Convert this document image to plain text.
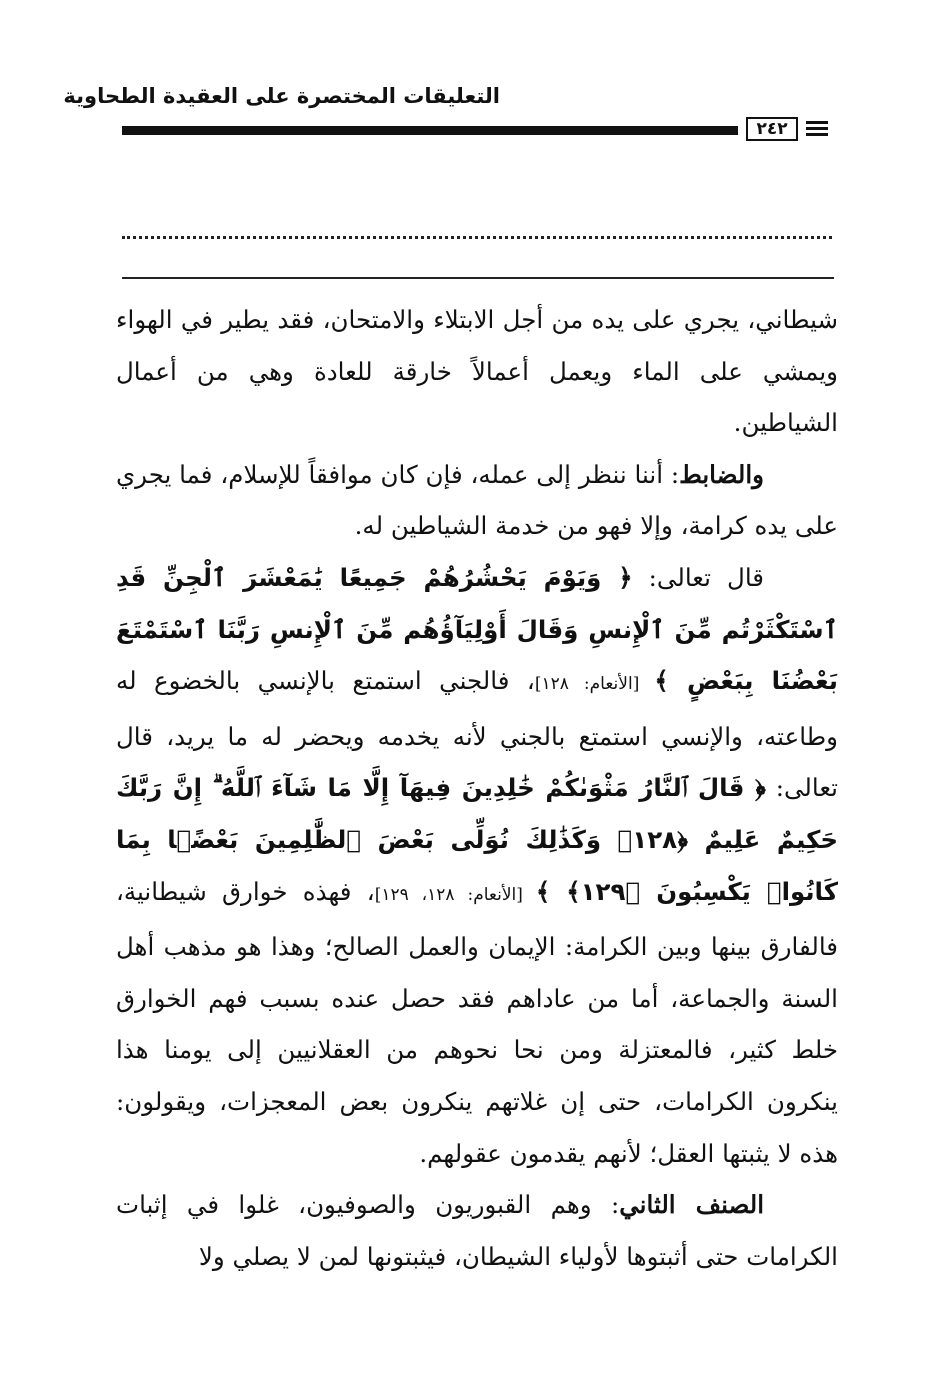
التعليقات المختصرة على العقيدة الطحاوية
٢٤٢

شيطاني، يجري على يده من أجل الابتلاء والامتحان، فقد يطير في الهواء ويمشي على الماء ويعمل أعمالاً خارقة للعادة وهي من أعمال الشياطين.

والضابط: أننا ننظر إلى عمله، فإن كان موافقاً للإسلام، فما يجري على يده كرامة، وإلا فهو من خدمة الشياطين له.

قال تعالى: ﴿ وَيَوْمَ يَحْشُرُهُمْ جَمِيعًا يَٰمَعْشَرَ ٱلْجِنِّ قَدِ ٱسْتَكْثَرْتُم مِّنَ ٱلْإِنسِ وَقَالَ أَوْلِيَآؤُهُم مِّنَ ٱلْإِنسِ رَبَّنَا ٱسْتَمْتَعَ بَعْضُنَا بِبَعْضٍ ﴾ [الأنعام: ١٢٨]، فالجني استمتع بالإنسي بالخضوع له وطاعته، والإنسي استمتع بالجني لأنه يخدمه ويحضر له ما يريد، قال تعالى: ﴿ قَالَ ٱلنَّارُ مَثْوَىٰكُمْ خَٰلِدِينَ فِيهَآ إِلَّا مَا شَآءَ ٱللَّهُ ۗ إِنَّ رَبَّكَ حَكِيمٌ عَلِيمٌ ﴿١٢٨﴾ وَكَذَٰلِكَ نُوَلِّى بَعْضَ ٱلظَّٰلِمِينَ بَعْضًۢا بِمَا كَانُوا۟ يَكْسِبُونَ ﴿١٢٩﴾ ﴾ [الأنعام: ١٢٨، ١٢٩]، فهذه خوارق شيطانية، فالفارق بينها وبين الكرامة: الإيمان والعمل الصالح؛ وهذا هو مذهب أهل السنة والجماعة، أما من عاداهم فقد حصل عنده بسبب فهم الخوارق خلط كثير، فالمعتزلة ومن نحا نحوهم من العقلانيين إلى يومنا هذا ينكرون الكرامات، حتى إن غلاتهم ينكرون بعض المعجزات، ويقولون: هذه لا يثبتها العقل؛ لأنهم يقدمون عقولهم.

الصنف الثاني: وهم القبوريون والصوفيون، غلوا في إثبات الكرامات حتى أثبتوها لأولياء الشيطان، فيثبتونها لمن لا يصلي ولا
